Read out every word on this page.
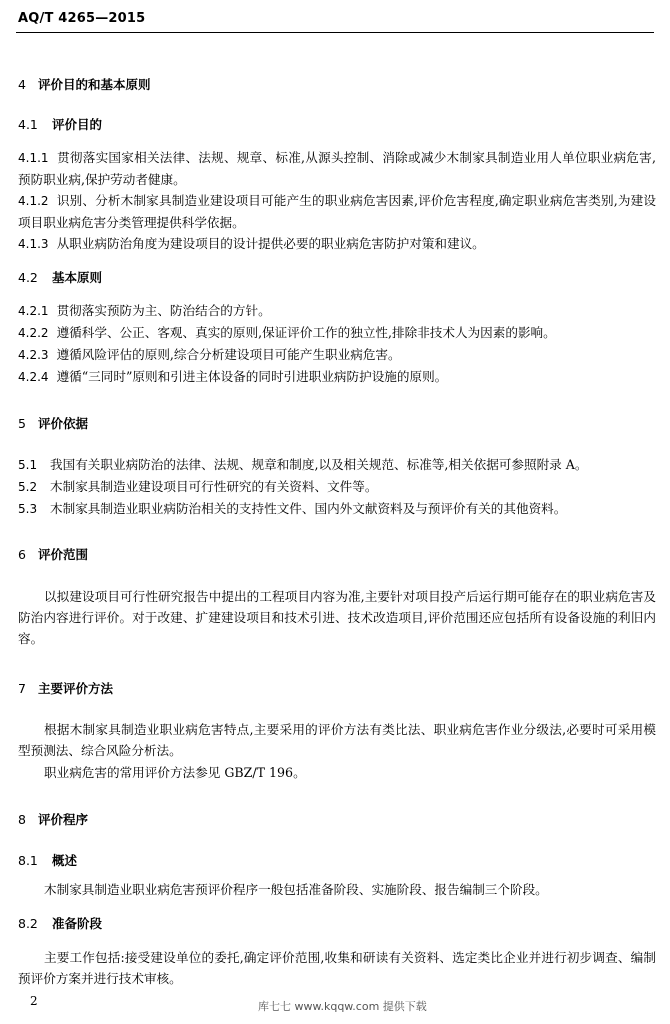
AQ/T 4265—2015
4 评价目的和基本原则
4.1 评价目的
4.1.1 贯彻落实国家相关法律、法规、规章、标准,从源头控制、消除或减少木制家具制造业用人单位职业病危害,预防职业病,保护劳动者健康。
4.1.2 识别、分析木制家具制造业建设项目可能产生的职业病危害因素,评价危害程度,确定职业病危害类别,为建设项目职业病危害分类管理提供科学依据。
4.1.3 从职业病防治角度为建设项目的设计提供必要的职业病危害防护对策和建议。
4.2 基本原则
4.2.1 贯彻落实预防为主、防治结合的方针。
4.2.2 遵循科学、公正、客观、真实的原则,保证评价工作的独立性,排除非技术人为因素的影响。
4.2.3 遵循风险评估的原则,综合分析建设项目可能产生职业病危害。
4.2.4 遵循“三同时”原则和引进主体设备的同时引进职业病防护设施的原则。
5 评价依据
5.1 我国有关职业病防治的法律、法规、规章和制度,以及相关规范、标准等,相关依据可参照附录 A。
5.2 木制家具制造业建设项目可行性研究的有关资料、文件等。
5.3 木制家具制造业职业病防治相关的支持性文件、国内外文献资料及与预评价有关的其他资料。
6 评价范围
以拟建设项目可行性研究报告中提出的工程项目内容为准,主要针对项目投产后运行期可能存在的职业病危害及防治内容进行评价。对于改建、扩建建设项目和技术引进、技术改造项目,评价范围还应包括所有设备设施的利旧内容。
7 主要评价方法
根据木制家具制造业职业病危害特点,主要采用的评价方法有类比法、职业病危害作业分级法,必要时可采用模型预测法、综合风险分析法。
职业病危害的常用评价方法参见 GBZ/T 196。
8 评价程序
8.1 概述
木制家具制造业职业病危害预评价程序一般包括准备阶段、实施阶段、报告编制三个阶段。
8.2 准备阶段
主要工作包括:接受建设单位的委托,确定评价范围,收集和研读有关资料、选定类比企业并进行初步调查、编制预评价方案并进行技术审核。
2	库七七 www.kqqw.com 提供下载
